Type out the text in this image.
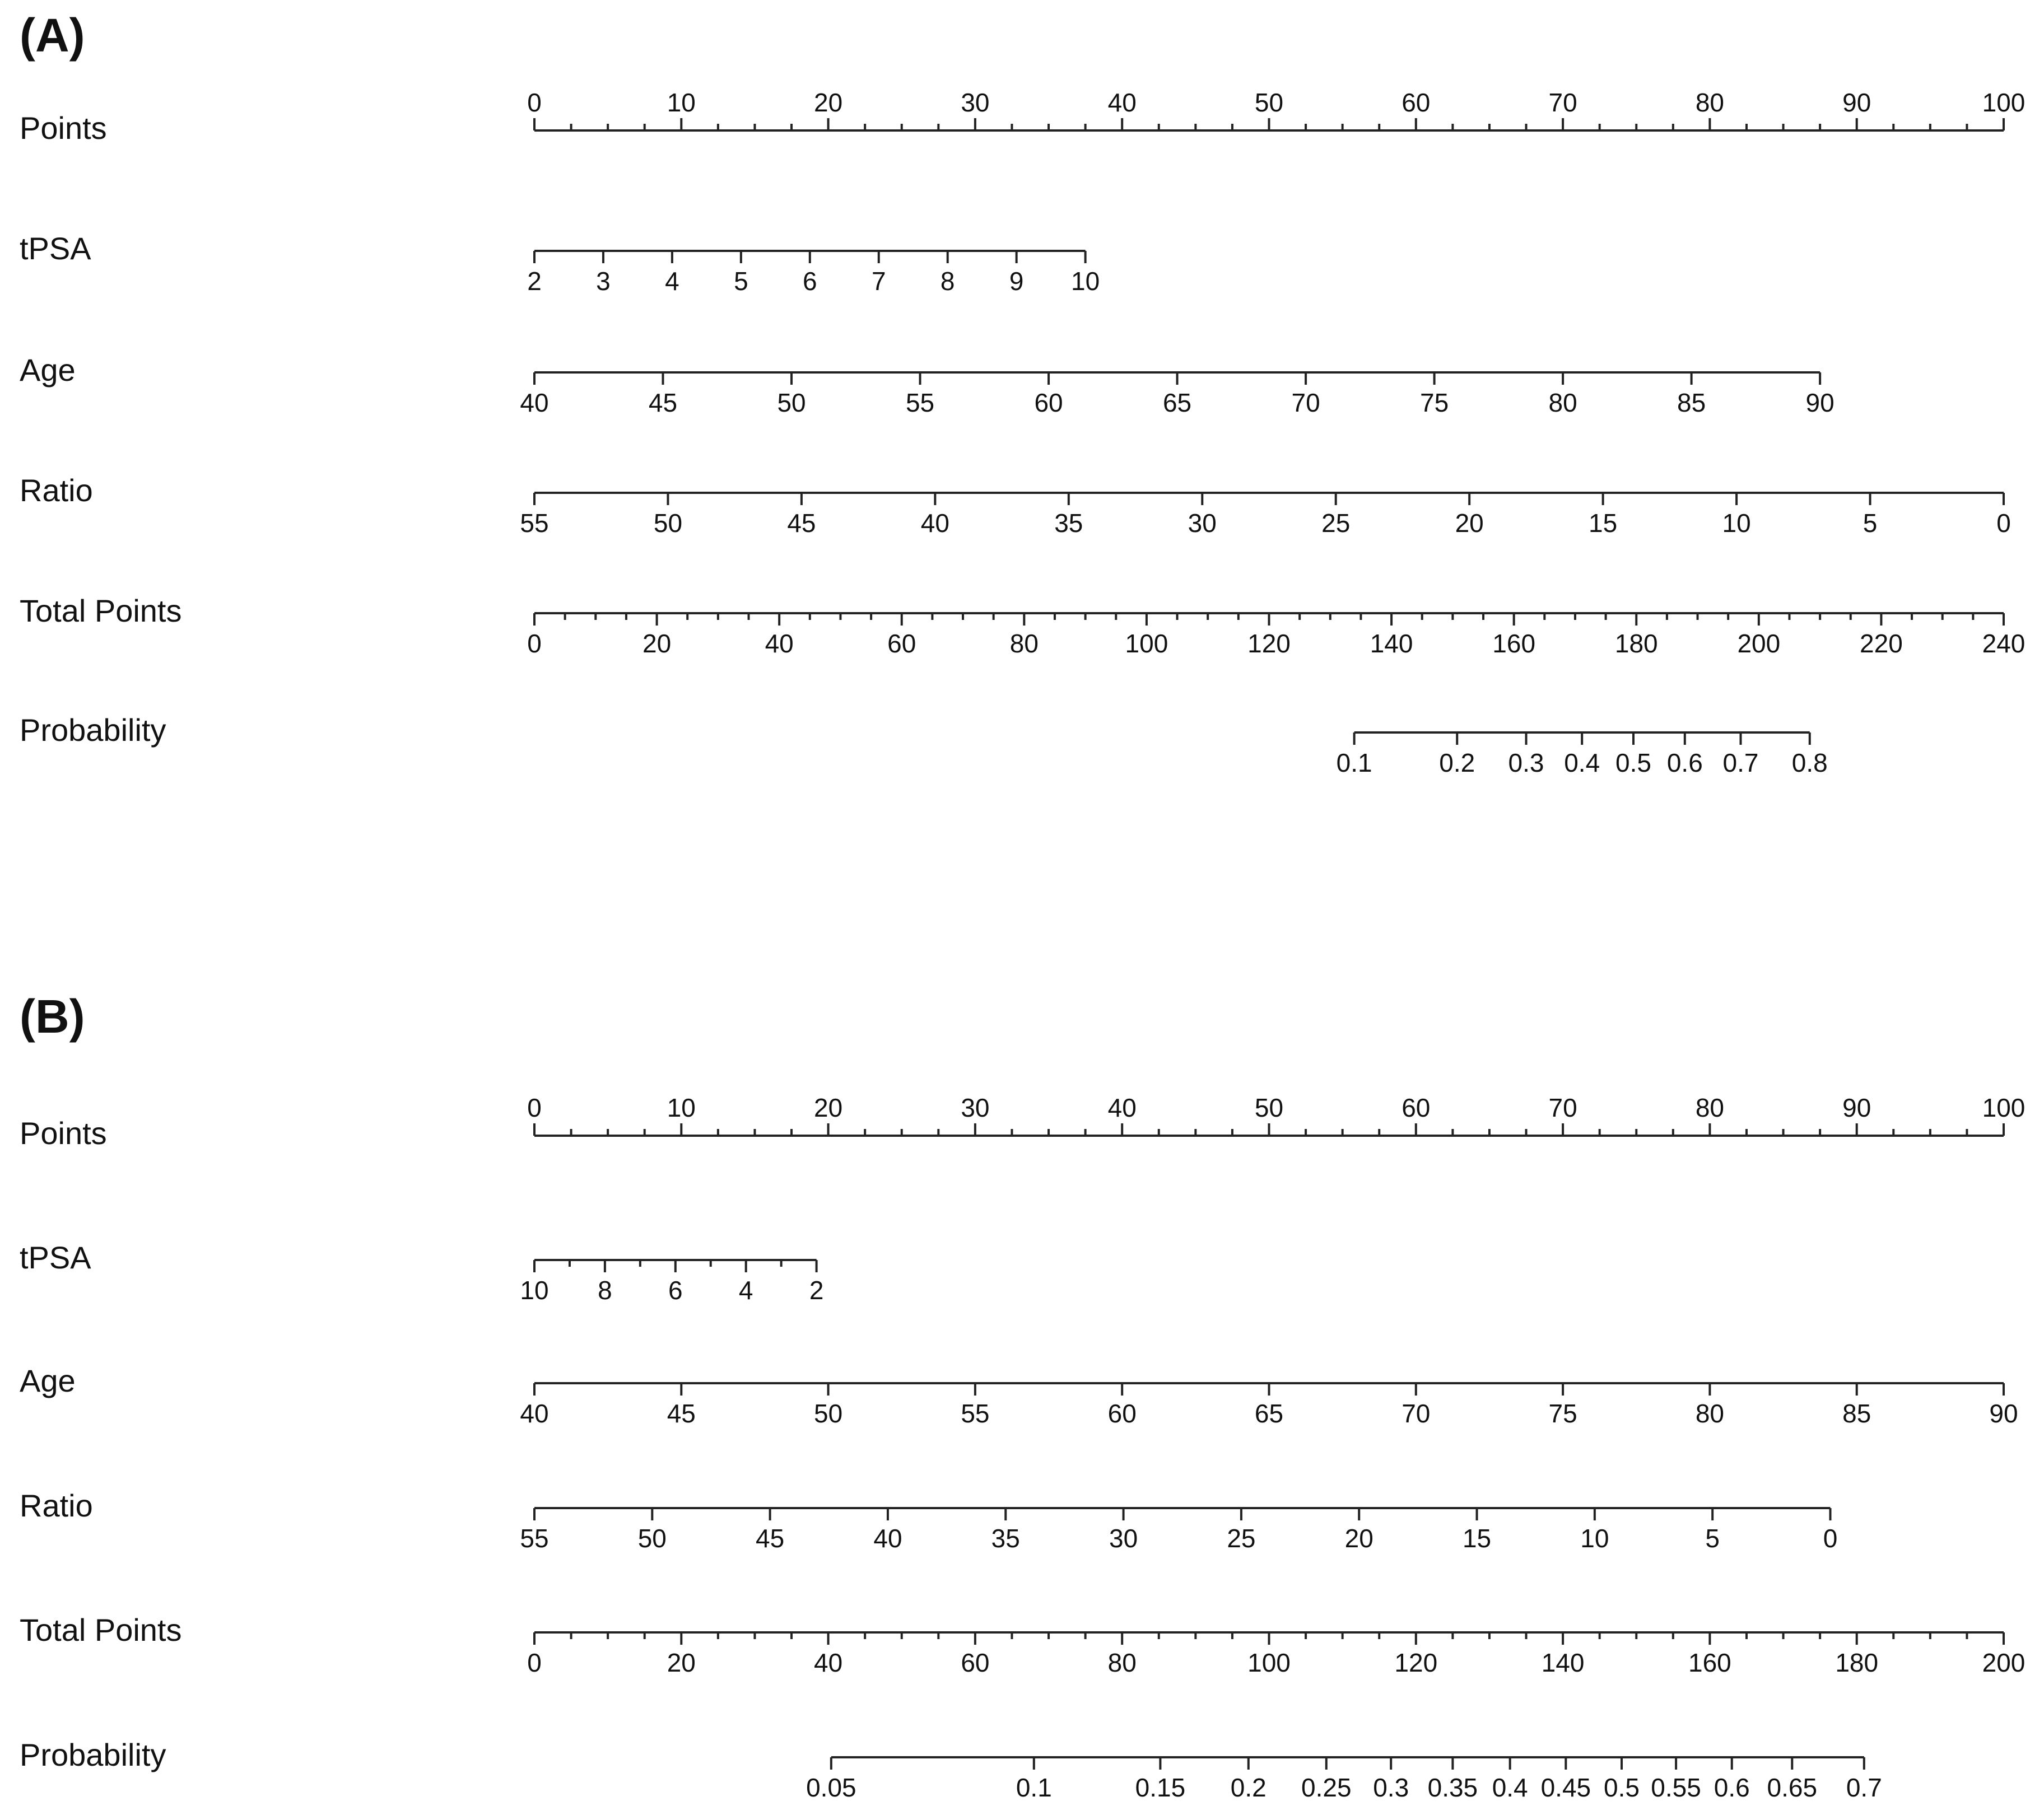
(A)
Points
0	10	20	30	40	50	60	70	80	90	100
tPSA
2 3 4 5 6 7 8 9 10
Age
40	45	50	55	60	65	70	75	80	85	90
Ratio
55	50	45	40	35	30	25	20	15	10	5	0
Total Points
0	20	40	60	80	100	120	140	160	180	200	220	240
Probability
0.1	0.2 0.3 0.4 0.5 0.6 0.7 0.8
(B)
Points
0	10	20	30	40	50	60	70	80	90	100
tPSA
10 8 6 4 2
Age
40	45	50	55	60	65	70	75	80	85	90
Ratio
55	50	45	40	35	30	25	20	15	10	5	0
Total Points
0	20	40	60	80	100	120	140	160	180	200
Probability
0.05	0.1	0.15 0.2 0.25 0.3 0.35 0.4 0.45 0.5 0.55 0.6 0.65 0.7
